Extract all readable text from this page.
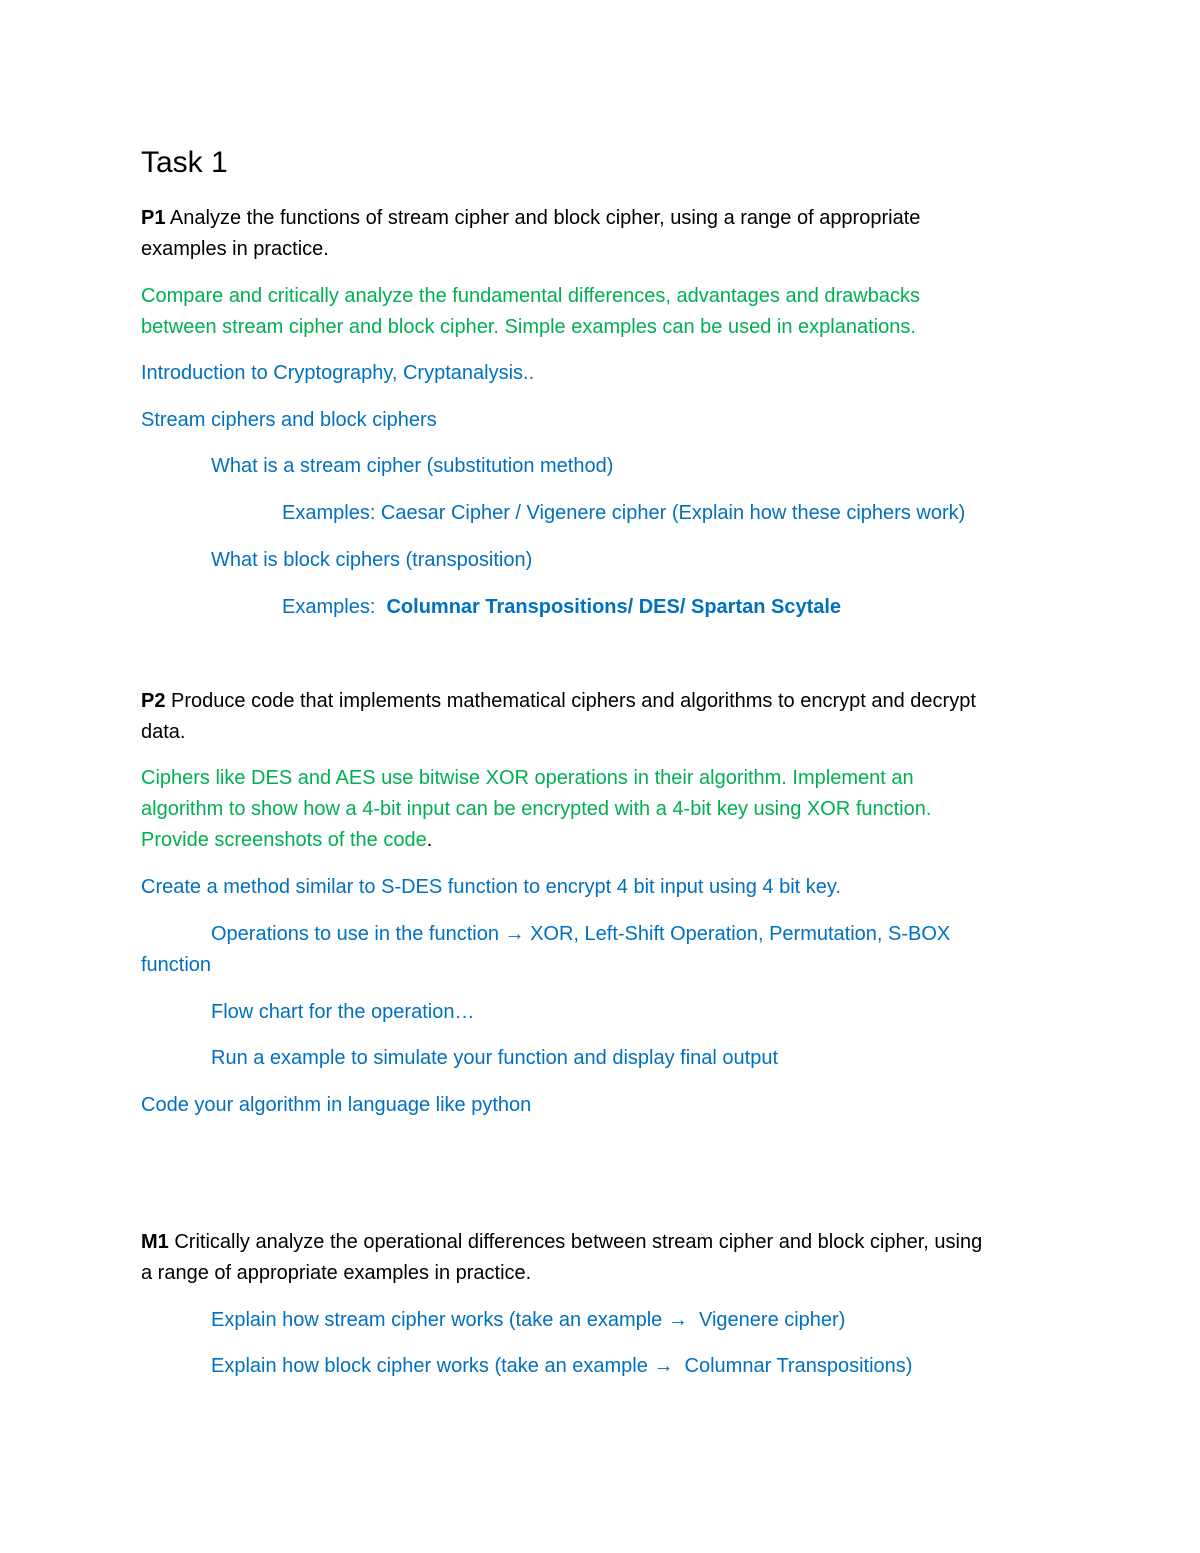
Task 1
P1 Analyze the functions of stream cipher and block cipher, using a range of appropriate
examples in practice.
Compare and critically analyze the fundamental differences, advantages and drawbacks
between stream cipher and block cipher. Simple examples can be used in explanations.
Introduction to Cryptography, Cryptanalysis..
Stream ciphers and block ciphers
What is a stream cipher (substitution method)
Examples: Caesar Cipher / Vigenere cipher (Explain how these ciphers work)
What is block ciphers (transposition)
Examples:  Columnar Transpositions/ DES/ Spartan Scytale
P2 Produce code that implements mathematical ciphers and algorithms to encrypt and decrypt
data.
Ciphers like DES and AES use bitwise XOR operations in their algorithm. Implement an
algorithm to show how a 4-bit input can be encrypted with a 4-bit key using XOR function.
Provide screenshots of the code.
Create a method similar to S-DES function to encrypt 4 bit input using 4 bit key.
Operations to use in the function → XOR, Left-Shift Operation, Permutation, S-BOX
function
Flow chart for the operation…
Run a example to simulate your function and display final output
Code your algorithm in language like python
M1 Critically analyze the operational differences between stream cipher and block cipher, using
a range of appropriate examples in practice.
Explain how stream cipher works (take an example →  Vigenere cipher)
Explain how block cipher works (take an example →  Columnar Transpositions)
